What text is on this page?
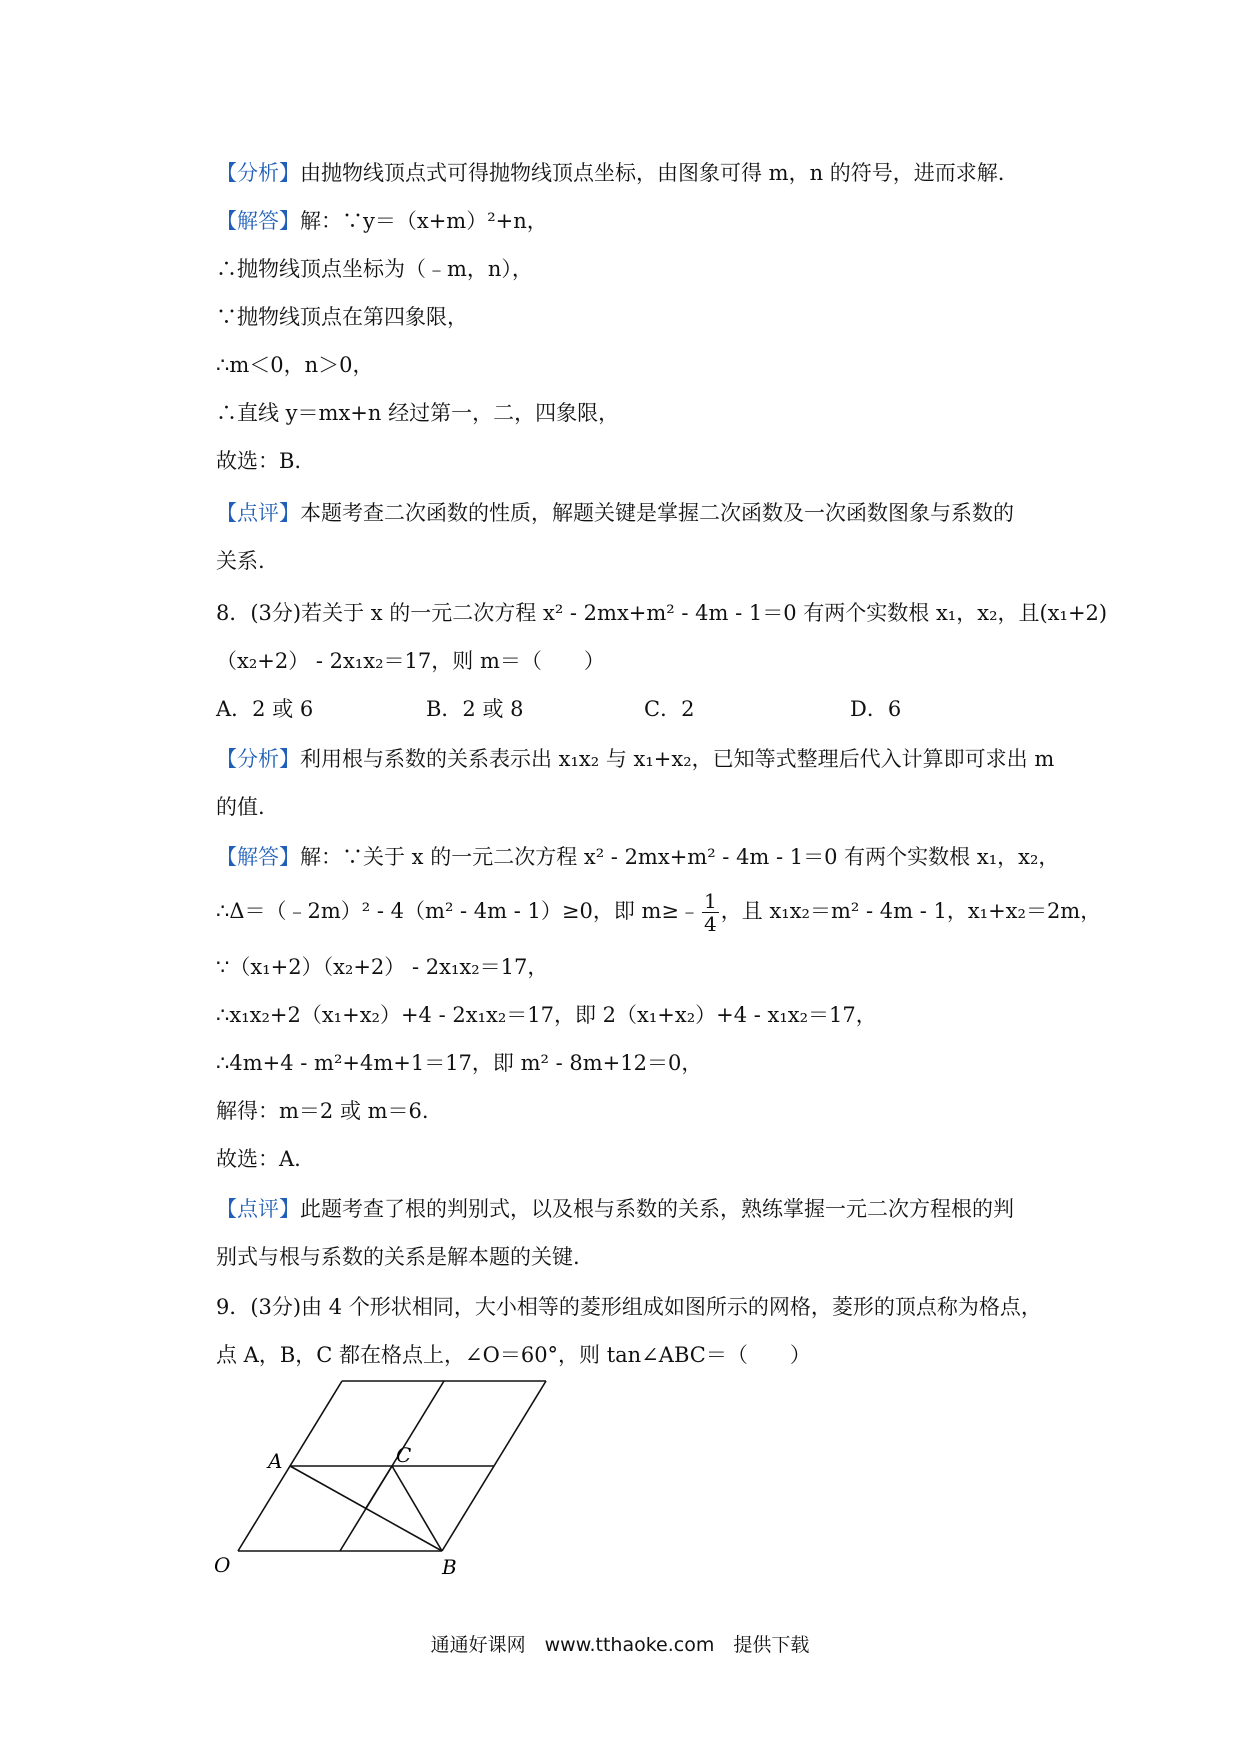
【分析】由抛物线顶点式可得抛物线顶点坐标，由图象可得 m，n 的符号，进而求解.
【解答】解：∵y＝（x+m）²+n，
∴抛物线顶点坐标为（﹣m，n），
∵抛物线顶点在第四象限，
∴m＜0，n＞0，
∴直线 y＝mx+n 经过第一，二，四象限，
故选：B.
【点评】本题考查二次函数的性质，解题关键是掌握二次函数及一次函数图象与系数的
关系.
8．(3分)若关于 x 的一元二次方程 x² - 2mx+m² - 4m - 1＝0 有两个实数根 x₁，x₂，且(x₁+2)
（x₂+2） - 2x₁x₂＝17，则 m＝（　　）
A．2 或 6	B．2 或 8	C．2	D．6
【分析】利用根与系数的关系表示出 x₁x₂ 与 x₁+x₂，已知等式整理后代入计算即可求出 m
的值.
【解答】解：∵关于 x 的一元二次方程 x² - 2mx+m² - 4m - 1＝0 有两个实数根 x₁，x₂，
∴Δ＝（﹣2m）² - 4（m² - 4m - 1）≥0，即 m≥﹣ $\frac{1}{4}$ ，且 x₁x₂＝m² - 4m - 1，x₁+x₂＝2m，
∵（x₁+2）（x₂+2） - 2x₁x₂＝17，
∴x₁x₂+2（x₁+x₂）+4 - 2x₁x₂＝17，即 2（x₁+x₂）+4 - x₁x₂＝17，
∴4m+4 - m²+4m+1＝17，即 m² - 8m+12＝0，
解得：m＝2 或 m＝6.
故选：A.
【点评】此题考查了根的判别式，以及根与系数的关系，熟练掌握一元二次方程根的判
别式与根与系数的关系是解本题的关键.
9．(3分)由 4 个形状相同，大小相等的菱形组成如图所示的网格，菱形的顶点称为格点，
点 A，B，C 都在格点上，∠O＝60°，则 tan∠ABC＝（　　）
A	C
B
O
通通好课网　www.tthaoke.com　提供下载
